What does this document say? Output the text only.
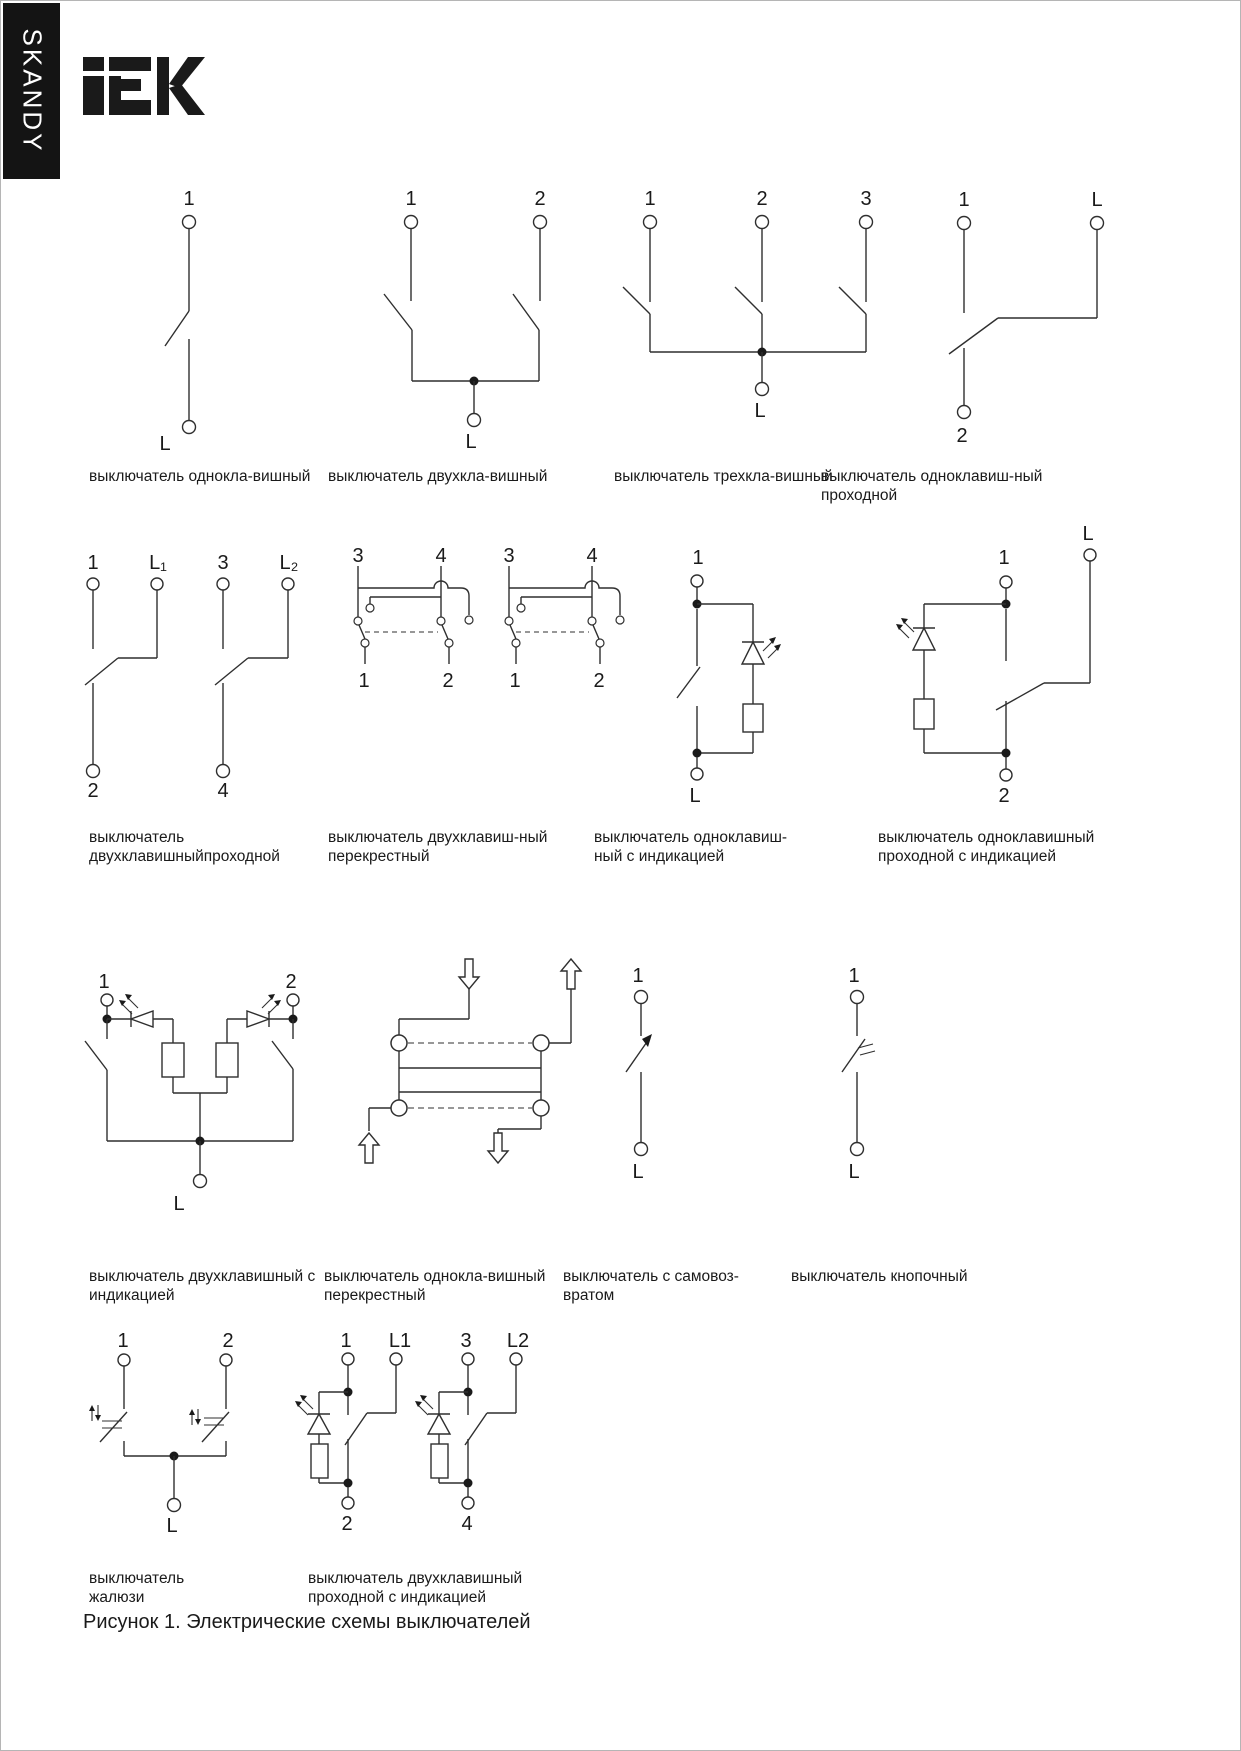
SKANDY
1
L
1	2
L
1	2	3
L
1	L
2
выключатель однокла-вишный выключатель двухкла-вишный	выключатель трехкла-вишный
выключатель одноклавиш-ный
проходной
1	L₁	3	L₂
2	4
3	4
1	2
3	4
1	2
1
L
1
L
2
выключатель
двухклавишныйпроходной
выключатель двухклавиш-ный
перекрестный
выключатель одноклавиш-
ный с индикацией
выключатель одноклавишный
проходной с индикацией
1	2
L
1
L
1
L
выключатель двухклавишный с
индикацией
выключатель однокла-вишный
перекрестный
выключатель с самовоз-
вратом
выключатель кнопочный
1	2
L
1 L1
2
3 L2
4
выключатель
жалюзи
выключатель двухклавишный
проходной с индикацией
Рисунок 1. Электрические схемы выключателей
